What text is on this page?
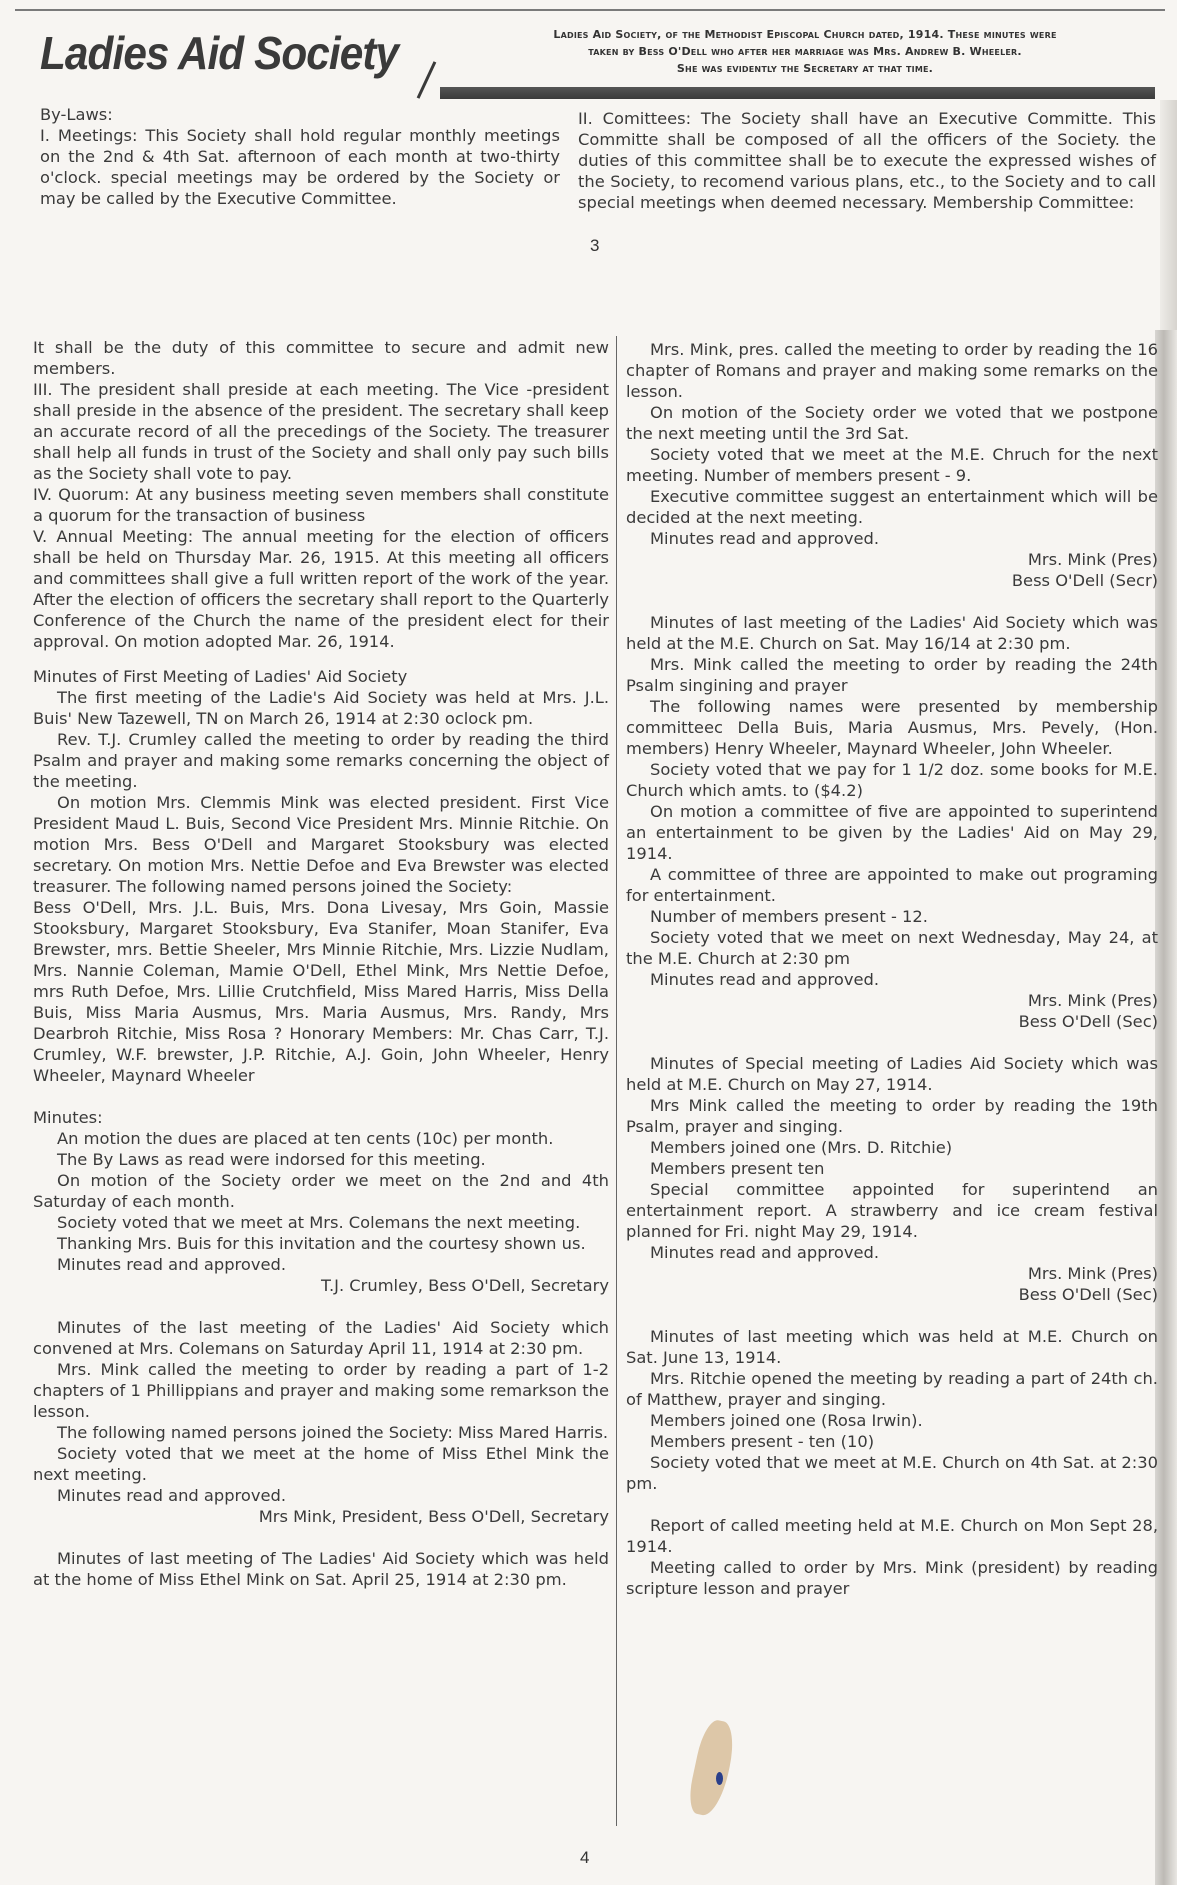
Ladies Aid Society	Ladies Aid Society, of the Methodist Episcopal Church dated, 1914. These minutes were
taken by Bess O'Dell who after her marriage was Mrs. Andrew B. Wheeler.
She was evidently the Secretary at that time.

By-Laws:

I. Meetings: This Society shall hold regular monthly meetings on the 2nd & 4th Sat. afternoon of each month at two-thirty o'clock. special meetings may be ordered by the Society or may be called by the Executive Committee.

II. Comittees: The Society shall have an Executive Committe. This Committe shall be composed of all the officers of the Society. the duties of this committee shall be to execute the expressed wishes of the Society, to recomend various plans, etc., to the Society and to call special meetings when deemed necessary. Membership Committee:

3

It shall be the duty of this committee to secure and admit new members.

III. The president shall preside at each meeting. The Vice -president shall preside in the absence of the president. The secretary shall keep an accurate record of all the precedings of the Society. The treasurer shall help all funds in trust of the Society and shall only pay such bills as the Society shall vote to pay.

IV. Quorum: At any business meeting seven members shall constitute a quorum for the transaction of business

V. Annual Meeting: The annual meeting for the election of officers shall be held on Thursday Mar. 26, 1915. At this meeting all officers and committees shall give a full written report of the work of the year. After the election of officers the secretary shall report to the Quarterly Conference of the Church the name of the president elect for their approval. On motion adopted Mar. 26, 1914.

Minutes of First Meeting of Ladies' Aid Society

The first meeting of the Ladie's Aid Society was held at Mrs. J.L. Buis' New Tazewell, TN on March 26, 1914 at 2:30 oclock pm.

Rev. T.J. Crumley called the meeting to order by reading the third Psalm and prayer and making some remarks concerning the object of the meeting.

On motion Mrs. Clemmis Mink was elected president. First Vice President Maud L. Buis, Second Vice President Mrs. Minnie Ritchie. On motion Mrs. Bess O'Dell and Margaret Stooksbury was elected secretary. On motion Mrs. Nettie Defoe and Eva Brewster was elected treasurer. The following named persons joined the Society:

Bess O'Dell, Mrs. J.L. Buis, Mrs. Dona Livesay, Mrs Goin, Massie Stooksbury, Margaret Stooksbury, Eva Stanifer, Moan Stanifer, Eva Brewster, mrs. Bettie Sheeler, Mrs Minnie Ritchie, Mrs. Lizzie Nudlam, Mrs. Nannie Coleman, Mamie O'Dell, Ethel Mink, Mrs Nettie Defoe, mrs Ruth Defoe, Mrs. Lillie Crutchfield, Miss Mared Harris, Miss Della Buis, Miss Maria Ausmus, Mrs. Maria Ausmus, Mrs. Randy, Mrs Dearbroh Ritchie, Miss Rosa ? Honorary Members: Mr. Chas Carr, T.J. Crumley, W.F. brewster, J.P. Ritchie, A.J. Goin, John Wheeler, Henry Wheeler, Maynard Wheeler

Minutes:

An motion the dues are placed at ten cents (10c) per month.

The By Laws as read were indorsed for this meeting.

On motion of the Society order we meet on the 2nd and 4th Saturday of each month.

Society voted that we meet at Mrs. Colemans the next meeting.

Thanking Mrs. Buis for this invitation and the courtesy shown us.

Minutes read and approved.

T.J. Crumley, Bess O'Dell, Secretary

Minutes of the last meeting of the Ladies' Aid Society which convened at Mrs. Colemans on Saturday April 11, 1914 at 2:30 pm.

Mrs. Mink called the meeting to order by reading a part of 1-2 chapters of 1 Phillippians and prayer and making some remarkson the lesson.

The following named persons joined the Society: Miss Mared Harris.

Society voted that we meet at the home of Miss Ethel Mink the next meeting.

Minutes read and approved.

Mrs Mink, President, Bess O'Dell, Secretary

Minutes of last meeting of The Ladies' Aid Society which was held at the home of Miss Ethel Mink on Sat. April 25, 1914 at 2:30 pm.

Mrs. Mink, pres. called the meeting to order by reading the 16 chapter of Romans and prayer and making some remarks on the lesson.

On motion of the Society order we voted that we postpone the next meeting until the 3rd Sat.

Society voted that we meet at the M.E. Chruch for the next meeting. Number of members present - 9.

Executive committee suggest an entertainment which will be decided at the next meeting.

Minutes read and approved.

Mrs. Mink (Pres)

Bess O'Dell (Secr)

Minutes of last meeting of the Ladies' Aid Society which was held at the M.E. Church on Sat. May 16/14 at 2:30 pm.

Mrs. Mink called the meeting to order by reading the 24th Psalm singining and prayer

The following names were presented by membership committeec Della Buis, Maria Ausmus, Mrs. Pevely, (Hon. members) Henry Wheeler, Maynard Wheeler, John Wheeler.

Society voted that we pay for 1 1/2 doz. some books for M.E. Church which amts. to ($4.2)

On motion a committee of five are appointed to superintend an entertainment to be given by the Ladies' Aid on May 29, 1914.

A committee of three are appointed to make out programing for entertainment.

Number of members present - 12.

Society voted that we meet on next Wednesday, May 24, at the M.E. Church at 2:30 pm

Minutes read and approved.

Mrs. Mink (Pres)

Bess O'Dell (Sec)

Minutes of Special meeting of Ladies Aid Society which was held at M.E. Church on May 27, 1914.

Mrs Mink called the meeting to order by reading the 19th Psalm, prayer and singing.

Members joined one (Mrs. D. Ritchie)

Members present ten

Special committee appointed for superintend an entertainment report. A strawberry and ice cream festival planned for Fri. night May 29, 1914.

Minutes read and approved.

Mrs. Mink (Pres)

Bess O'Dell (Sec)

Minutes of last meeting which was held at M.E. Church on Sat. June 13, 1914.

Mrs. Ritchie opened the meeting by reading a part of 24th ch. of Matthew, prayer and singing.

Members joined one (Rosa Irwin).

Members present - ten (10)

Society voted that we meet at M.E. Church on 4th Sat. at 2:30 pm.

Report of called meeting held at M.E. Church on Mon Sept 28, 1914.

Meeting called to order by Mrs. Mink (president) by reading scripture lesson and prayer

4
